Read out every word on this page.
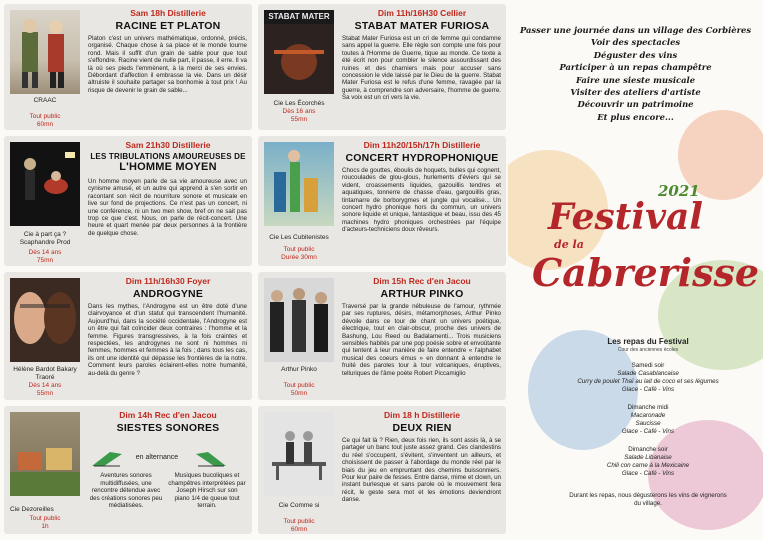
CRAAC
Tout public
60mn
Sam 18h Distillerie
RACINE ET PLATON
Platon c'est un univers mathématique, ordonné, précis, organisé. Chaque chose à sa place et le monde tourne rond. Mais il suffit d'un grain de sable pour que tout s'effondre. Racine vient de nulle part, il passe, il erre. Il va là où ses pieds l'emmènent, à la merci de ses envies. Débordant d'affection il embrasse la vie. Dans un désir altruiste il souhaite partager sa bonhomie à tout prix ! Au risque de devenir le grain de sable...
Cie à part ça ? Scaphandre Prod
Dès 14 ans
75mn
Sam 21h30 Distillerie
LES TRIBULATIONS AMOUREUSES DE
L'HOMME MOYEN
Un homme moyen parle de sa vie amoureuse avec un cynisme amusé, et un autre qui apprend à s'en sortir en racontant son récit de nourriture sonore et musicale en live sur fond de projections. Ce n'est pas un concert, ni une conférence, ni un two men show, bref on ne sait pas trop ce que c'est. Nous, on parle de récit-concert. Une heure et quart menée par deux personnes à la frontière de quelque chose.
Hélène Bardot Bakary Traoré
Dès 14 ans
55mn
Dim 11h/16h30 Foyer
ANDROGYNE
Dans les mythes, l'Androgyne est un être doté d'une clairvoyance et d'un statut qui transcendent l'humanité. Aujourd'hui, dans la société occidentale, l'Androgyne est un être qui fait coïncider deux contraires : l'homme et la femme. Figures transgressives, à la fois craintes et respectées, les androgynes ne sont ni hommes ni femmes, hommes et femmes à la fois ; dans tous les cas, ils ont une identité qui dépasse les frontières de la notre. Comment leurs paroles éclairent-elles notre humanité, au-delà du genre ?
Cie Dezoreilles
Tout public
1h
Dim 14h Rec d'en Jacou
SIESTES SONORES
en alternance
Aventures sonores multidiffusées, une rencontre détendue avec des créations sonores peu médiatisées.
Musiques bucoliques et champêtres interprétées par Joseph Hirsch sur son piano 1/4 de queue tout terrain.
STABAT MATER
Cie Les Écorchés
Dès 16 ans
55mn
Dim 11h/16H30 Cellier
STABAT MATER FURIOSA
Stabat Mater Furiosa est un cri de femme qui condamne sans appel la guerre. Elle règle son compte une fois pour toutes à l'Homme de Guerre, tique au monde. Ce texte a été écrit non pour combler le silence assourdissant des ruines et des charniers mais pour accuser sans concession le vide laissé par le Dieu de la guerre. Stabat Mater Furiosa est le refus d'une femme, ravagée par la guerre, à comprendre son adversaire, l'homme de guerre. Sa voix est un cri vers la vie.
Cie Les Cubitenistes
Tout public
Durée 30mn
Dim 11h20/15h/17h Distillerie
CONCERT HYDROPHONIQUE
Chocs de gouttes, éboulis de hoquets, bulles qui cognent, roucoulades de glou-glous, hurlements d'éviers qui se vident, croassements liquides, gazouillis tendres et aquatiques, tonnerre de chasse d'eau, gargouillis gras, tintamarre de borborygmes et jungle qui vocalise... Un concert hydro phonique hors du commun, un univers sonore liquide et unique, fantastique et beau, issu des 45 machines hydro phoniques orchestrées par l'équipe d'acteurs-techniciens doux rêveurs.
Arthur Pinko
Tout public
50mn
Dim 15h Rec d'en Jacou
ARTHUR PINKO
Traversé par la grande nébuleuse de l'amour, rythmée par ses ruptures, désirs, métamorphoses, Arthur Pinko dévoile dans ce tour de chant un univers poétique, électrique, tout en clair-obscur, proche des univers de Bashung, Lou Reed ou Badalamenti... Trois musiciens sensibles habités par une pop poésie sobre et envoûtante qui tentent à leur manière de faire entendre « l'alphabet musical des coeurs émus » en donnant à entendre le fruité des paroles tour à tour volcaniques, éruptives, telluriques de l'âme poète Robert Piccamiglio
Cie Comme si
Tout public
60mn
Dim 18 h Distillerie
DEUX RIEN
Ce qui fait là ? Rien, deux fois rien, ils sont assis là, à se partager un banc tout juste assez grand. Ces clandestins du réel s'occupent, s'évitent, s'inventent un ailleurs, et choisissent de passer à l'abordage du monde réel par le biais du jeu en empruntant des chemins buissonniers. Pour leur paire de fesses. Entre danse, mime et clown, un instant burlesque et sans parole où le mouvement fera récit, le geste sera mot et les émotions deviendront danse.
Passer une journée dans un village des Corbières
Voir des spectacles
Déguster des vins
Participer à un repas champêtre
Faire une sieste musicale
Visiter des ateliers d'artiste
Découvrir un patrimoine
Et plus encore...
2021
Festival
de la
Cabrerisse
Les repas du Festival
Cour des anciennes écoles
Samedi soir
Salade Casablancaise
Curry de poulet Thaï au lait de coco et ses légumes
Glace - Café - Vins
Dimanche midi
Macaronade
Saucisse
Glace - Café - Vins
Dimanche soir
Salade Libanaise
Chili con carne à la Mexicaine
Glace - Café - Vins
Durant les repas, nous dégusterons les vins de vignerons du village.
